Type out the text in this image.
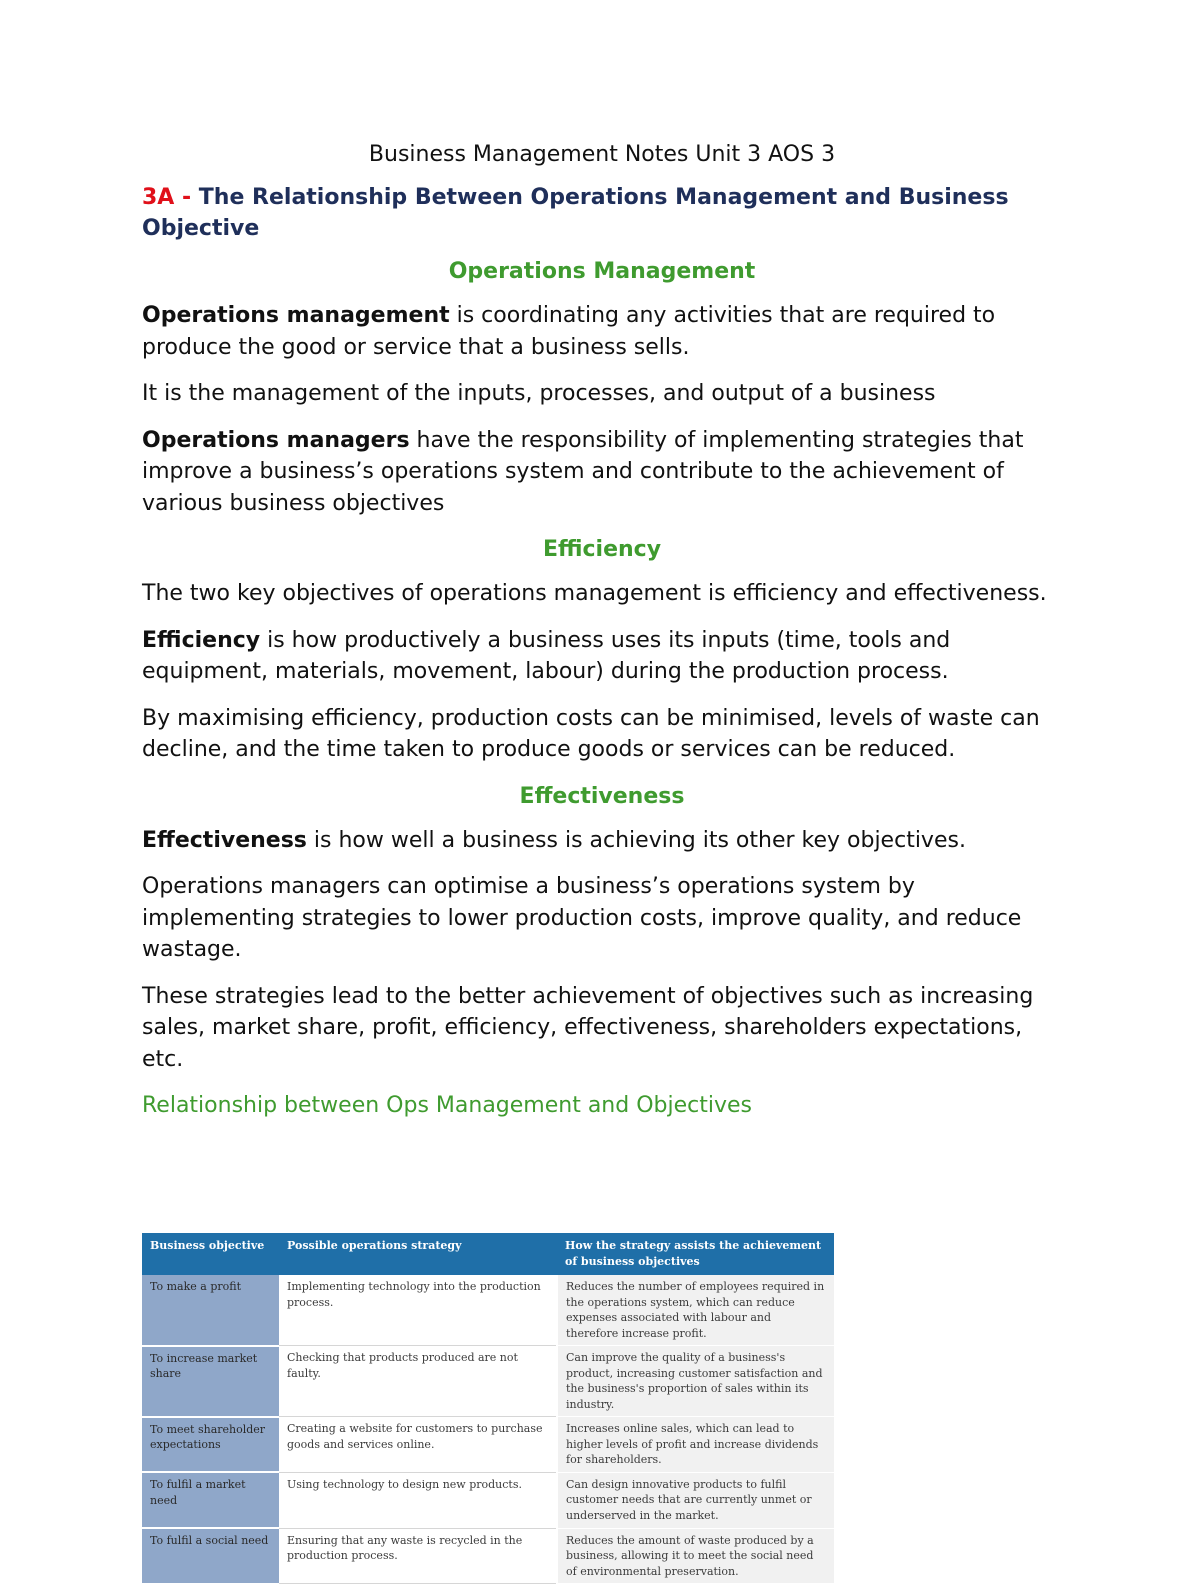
Business Management Notes Unit 3 AOS 3
3A - The Relationship Between Operations Management and Business Objective
Operations Management

Operations management is coordinating any activities that are required to produce the good or service that a business sells.

It is the management of the inputs, processes, and output of a business

Operations managers have the responsibility of implementing strategies that improve a business’s operations system and contribute to the achievement of various business objectives

Efficiency

The two key objectives of operations management is efficiency and effectiveness.

Efficiency is how productively a business uses its inputs (time, tools and equipment, materials, movement, labour) during the production process.

By maximising efficiency, production costs can be minimised, levels of waste can decline, and the time taken to produce goods or services can be reduced.

Effectiveness

Effectiveness is how well a business is achieving its other key objectives.

Operations managers can optimise a business’s operations system by implementing strategies to lower production costs, improve quality, and reduce wastage.

These strategies lead to the better achievement of objectives such as increasing sales, market share, profit, efficiency, effectiveness, shareholders expectations, etc.

Relationship between Ops Management and Objectives
Business objective	Possible operations strategy	How the strategy assists the achievement of business objectives
To make a profit	Implementing technology into the production process.	Reduces the number of employees required in the operations system, which can reduce expenses associated with labour and therefore increase profit.
To increase market share	Checking that products produced are not faulty.	Can improve the quality of a business's product, increasing customer satisfaction and the business's proportion of sales within its industry.
To meet shareholder expectations	Creating a website for customers to purchase goods and services online.	Increases online sales, which can lead to higher levels of profit and increase dividends for shareholders.
To fulfil a market need	Using technology to design new products.	Can design innovative products to fulfil customer needs that are currently unmet or underserved in the market.
To fulfil a social need	Ensuring that any waste is recycled in the production process.	Reduces the amount of waste produced by a business, allowing it to meet the social need of environmental preservation.
